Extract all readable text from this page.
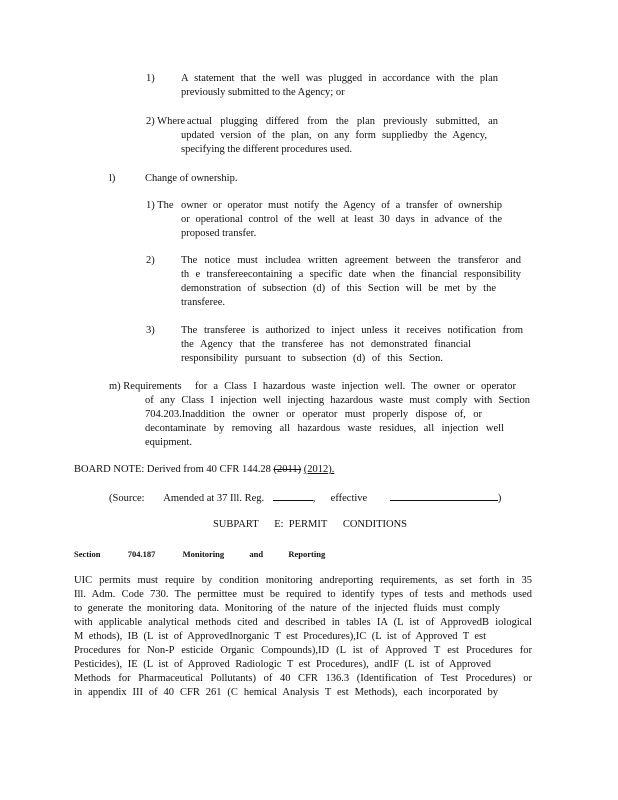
1)	A statement that the well was plugged in accordance with the plan
previously submitted to the Agency; or
2) Where actual plugging differed from the plan previously submitted, an
updated version of the plan, on any form suppliedby the Agency,
specifying the different procedures used.
l)	Change of ownership.
1) The owner or operator must notify the Agency of a transfer of ownership
or operational control of the well at least 30 days in advance of the
proposed transfer.
2)	The notice must includea written agreement between the transferor and
th e transfereecontaining a specific date when the financial responsibility
demonstration of subsection (d) of this Section will be met by the
transferee.
3)	The transferee is authorized to inject unless it receives notification from
the Agency that the transferee has not demonstrated financial
responsibility pursuant to subsection (d) of this Section.
m) Requirements for a Class I hazardous waste injection well. The owner or operator
of any Class I injection well injecting hazardous waste must comply with Section
704.203.Inaddition the owner or operator must properly dispose of, or
decontaminate by removing all hazardous waste residues, all injection well
equipment.
BOARD NOTE: Derived from 40 CFR 144.28 (2011) (2012).
(Source: Amended at 37 Ill. Reg.	, effective	)
SUBPART      E:  PERMIT      CONDITIONS
Section	704.187	Monitoring	and	Reporting
UIC permits must require by condition monitoring andreporting requirements, as set forth in 35
Ill. Adm. Code 730. The permittee must be required to identify types of tests and methods used
to generate the monitoring data. Monitoring of the nature of the injected fluids must comply
with applicable analytical methods cited and described in tables IA (L ist of ApprovedB iological
M ethods), IB (L ist of ApprovedInorganic T est Procedures),IC (L ist of Approved T est
Procedures for Non-P esticide Organic Compounds),ID (L ist of Approved T est Procedures for
Pesticides), IE (L ist of Approved Radiologic T est Procedures), andIF (L ist of Approved
Methods for Pharmaceutical Pollutants) of 40 CFR 136.3 (Identification of Test Procedures) or
in appendix III of 40 CFR 261 (C hemical Analysis T est Methods), each incorporated by
